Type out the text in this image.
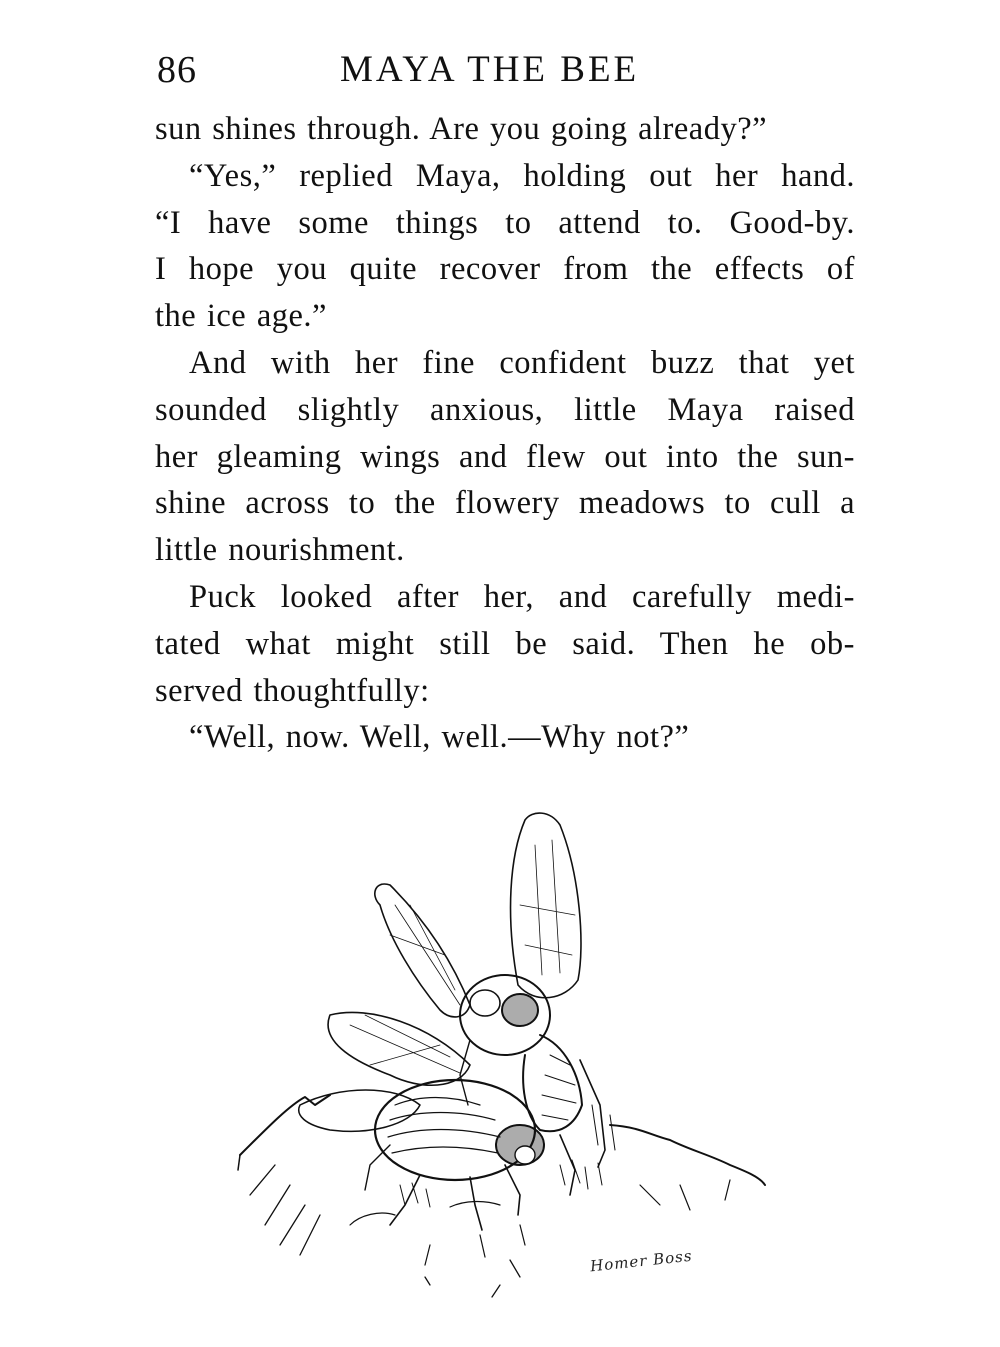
86	MAYA THE BEE

sun shines through. Are you going already?”

“Yes,” replied Maya, holding out her hand.
“I have some things to attend to. Good-by.
I hope you quite recover from the effects of
the ice age.”

And with her fine confident buzz that yet
sounded slightly anxious, little Maya raised
her gleaming wings and flew out into the sun-
shine across to the flowery meadows to cull a
little nourishment.

Puck looked after her, and carefully medi-
tated what might still be said. Then he ob-
served thoughtfully:

“Well, now. Well, well.—Why not?”

Homer Boss
